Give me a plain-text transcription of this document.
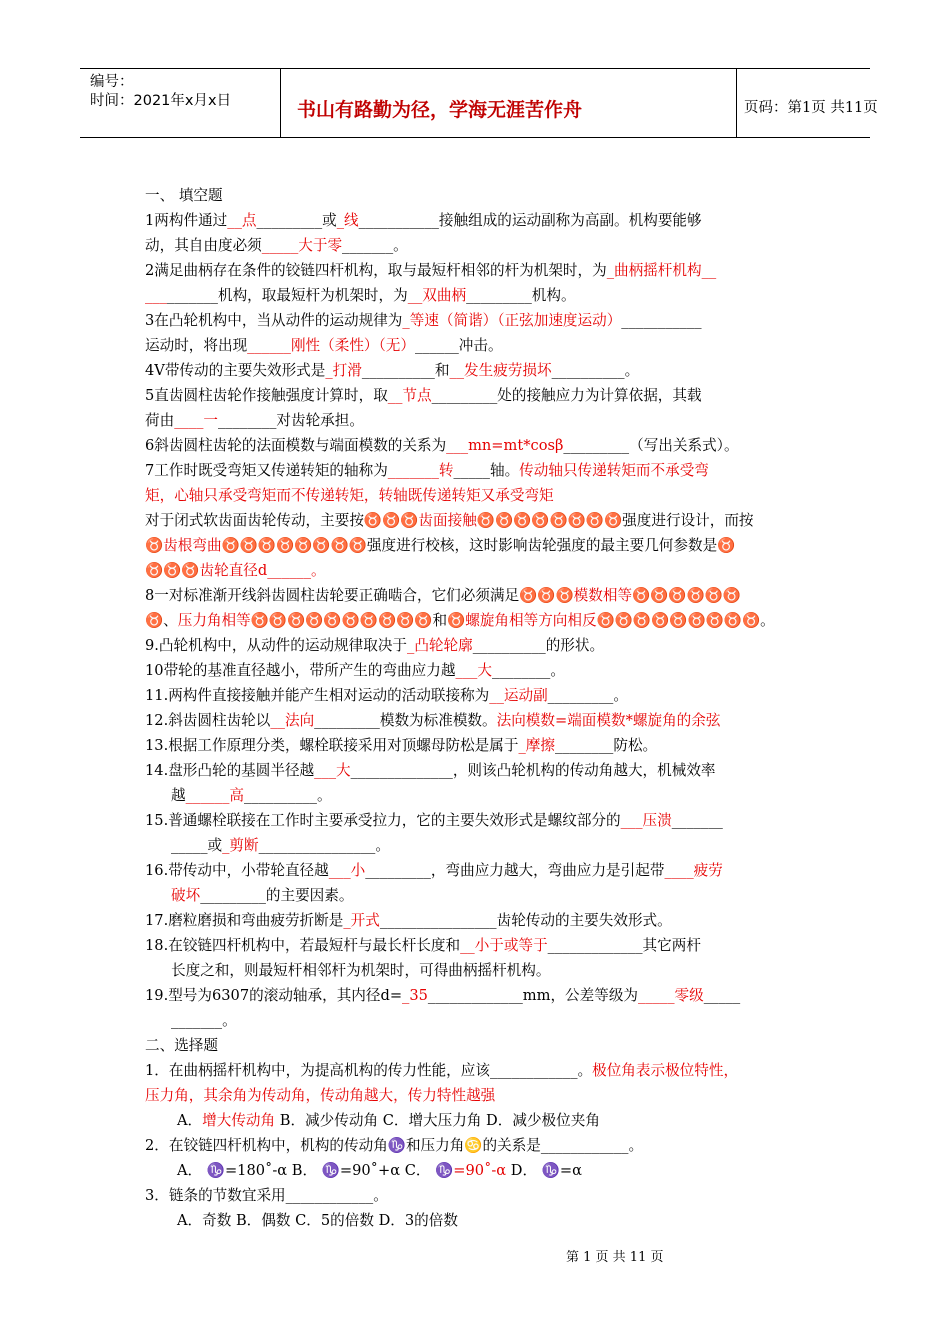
编号：
时间：2021年x月x日	书山有路勤为径，学海无涯苦作舟	页码：第1页 共11页
一、 填空题
1两构件通过__点_________或_线___________接触组成的运动副称为高副。机构要能够
动，其自由度必须_____大于零_______。
2满足曲柄存在条件的铰链四杆机构，取与最短杆相邻的杆为机架时，为_曲柄摇杆机构__
__________机构，取最短杆为机架时，为__双曲柄_________机构。
3在凸轮机构中，当从动件的运动规律为_等速（简谐）（正弦加速度运动）___________
运动时，将出现______刚性（柔性）（无）______冲击。
4V带传动的主要失效形式是_打滑__________和__发生疲劳损坏__________。
5直齿圆柱齿轮作接触强度计算时，取__节点_________处的接触应力为计算依据，其载
荷由____一________对齿轮承担。
6斜齿圆柱齿轮的法面模数与端面模数的关系为___mn=mt*cosβ_________（写出关系式）。
7工作时既受弯矩又传递转矩的轴称为_______转_____轴。传动轴只传递转矩而不承受弯
矩，心轴只承受弯矩而不传递转矩，转轴既传递转矩又承受弯矩
对于闭式软齿面齿轮传动，主要按♉♉♉齿面接触♉♉♉♉♉♉♉♉强度进行设计，而按
♉齿根弯曲♉♉♉♉♉♉♉♉强度进行校核，这时影响齿轮强度的最主要几何参数是♉
♉♉♉齿轮直径d______。
8一对标准渐开线斜齿圆柱齿轮要正确啮合，它们必须满足♉♉♉模数相等♉♉♉♉♉♉
♉、压力角相等♉♉♉♉♉♉♉♉♉♉和♉螺旋角相等方向相反♉♉♉♉♉♉♉♉♉。
9.凸轮机构中，从动件的运动规律取决于_凸轮轮廓__________的形状。
10带轮的基准直径越小，带所产生的弯曲应力越___大________。
11.两构件直接接触并能产生相对运动的活动联接称为__运动副_________。
12.斜齿圆柱齿轮以__法向_________模数为标准模数。法向模数=端面模数*螺旋角的余弦
13.根据工作原理分类，螺栓联接采用对顶螺母防松是属于_摩擦________防松。
14.盘形凸轮的基圆半径越___大______________，则该凸轮机构的传动角越大，机械效率
越______高__________。
15.普通螺栓联接在工作时主要承受拉力，它的主要失效形式是螺纹部分的___压溃_______
_____或_剪断________________。
16.带传动中，小带轮直径越___小_________，弯曲应力越大，弯曲应力是引起带____疲劳
破坏_________的主要因素。
17.磨粒磨损和弯曲疲劳折断是_开式________________齿轮传动的主要失效形式。
18.在铰链四杆机构中，若最短杆与最长杆长度和__小于或等于_____________其它两杆
长度之和，则最短杆相邻杆为机架时，可得曲柄摇杆机构。
19.型号为6307的滚动轴承，其内径d=_35_____________mm，公差等级为_____零级_____
_______。
二、选择题
1．在曲柄摇杆机构中，为提高机构的传力性能，应该____________。极位角表示极位特性，
压力角，其余角为传动角，传动角越大，传力特性越强
A．增大传动角 B．减少传动角 C．增大压力角 D．减少极位夹角
2．在铰链四杆机构中，机构的传动角♑和压力角♋的关系是____________。
A． ♑=180˚-α B． ♑=90˚+α C． ♑=90˚-α D． ♑=α
3．链条的节数宜采用____________。
A．奇数 B．偶数 C．5的倍数 D．3的倍数
第 1 页 共 11 页
